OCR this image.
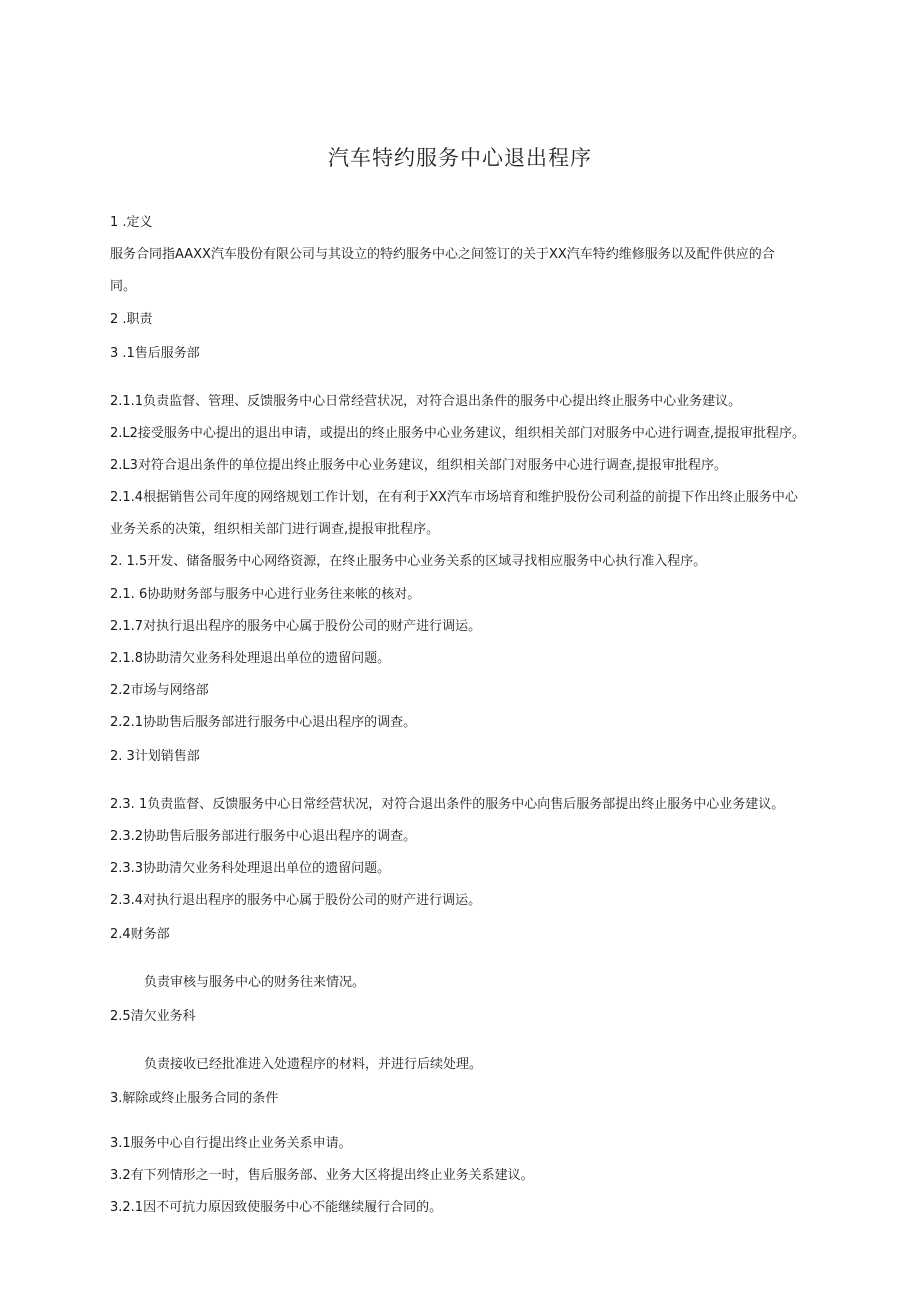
汽车特约服务中心退出程序
1 .定义
服务合同指AAXX汽车股份有限公司与其设立的特约服务中心之间签订的关于XX汽车特约维修服务以及配件供应的合
同。
2 .职责
3 .1售后服务部
2.1.1负责监督、管理、反馈服务中心日常经营状况，对符合退出条件的服务中心提出终止服务中心业务建议。
2.L2接受服务中心提出的退出申请，或提出的终止服务中心业务建议，组织相关部门对服务中心进行调查,提报审批程序。
2.L3对符合退出条件的单位提出终止服务中心业务建议，组织相关部门对服务中心进行调查,提报审批程序。
2.1.4根据销售公司年度的网络规划工作计划，在有利于XX汽车市场培育和维护股份公司利益的前提下作出终止服务中心
业务关系的决策，组织相关部门进行调查,提报审批程序。
2. 1.5开发、储备服务中心网络资源，在终止服务中心业务关系的区域寻找相应服务中心执行准入程序。
2.1. 6协助财务部与服务中心进行业务往来帐的核对。
2.1.7对执行退出程序的服务中心属于股份公司的财产进行调运。
2.1.8协助清欠业务科处理退出单位的遗留问题。
2.2市场与网络部
2.2.1协助售后服务部进行服务中心退出程序的调查。
2. 3计划销售部
2.3. 1负责监督、反馈服务中心日常经营状况，对符合退出条件的服务中心向售后服务部提出终止服务中心业务建议。
2.3.2协助售后服务部进行服务中心退出程序的调查。
2.3.3协助清欠业务科处理退出单位的遗留问题。
2.3.4对执行退出程序的服务中心属于股份公司的财产进行调运。
2.4财务部
负责审核与服务中心的财务往来情况。
2.5清欠业务科
负责接收已经批准进入处遗程序的材料，并进行后续处理。
3.解除或终止服务合同的条件
3.1服务中心自行提出终止业务关系申请。
3.2有下列情形之一时，售后服务部、业务大区将提出终止业务关系建议。
3.2.1因不可抗力原因致使服务中心不能继续履行合同的。
